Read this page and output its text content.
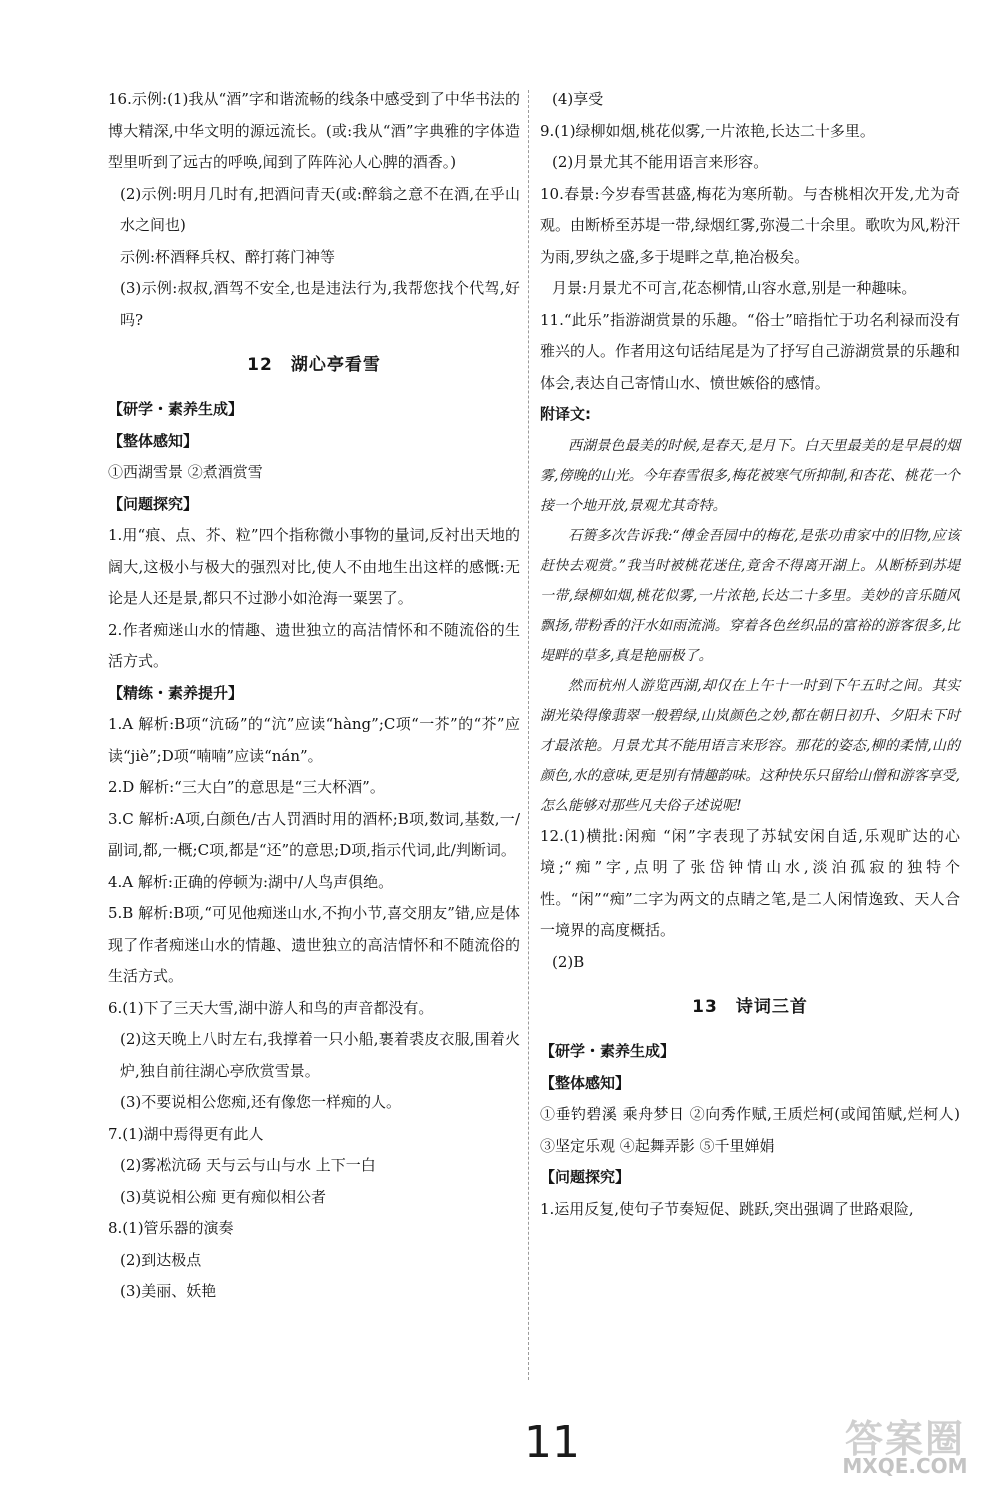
16.示例:(1)我从“酒”字和谐流畅的线条中感受到了中华书法的博大精深,中华文明的源远流长。(或:我从“酒”字典雅的字体造型里听到了远古的呼唤,闻到了阵阵沁人心脾的酒香。)
(2)示例:明月几时有,把酒问青天(或:醉翁之意不在酒,在乎山水之间也)
示例:杯酒释兵权、醉打蒋门神等
(3)示例:叔叔,酒驾不安全,也是违法行为,我帮您找个代驾,好吗?
12 湖心亭看雪
【研学・素养生成】
【整体感知】
①西湖雪景 ②煮酒赏雪
【问题探究】
1.用“痕、点、芥、粒”四个指称微小事物的量词,反衬出天地的阔大,这极小与极大的强烈对比,使人不由地生出这样的感慨:无论是人还是景,都只不过渺小如沧海一粟罢了。
2.作者痴迷山水的情趣、遗世独立的高洁情怀和不随流俗的生活方式。
【精练・素养提升】
1.A 解析:B项“沆砀”的“沆”应读“hàng”;C项“一芥”的“芥”应读“jiè”;D项“喃喃”应读“nán”。
2.D 解析:“三大白”的意思是“三大杯酒”。
3.C 解析:A项,白颜色/古人罚酒时用的酒杯;B项,数词,基数,一/副词,都,一概;C项,都是“还”的意思;D项,指示代词,此/判断词。
4.A 解析:正确的停顿为:湖中/人鸟声俱绝。
5.B 解析:B项,“可见他痴迷山水,不拘小节,喜交朋友”错,应是体现了作者痴迷山水的情趣、遗世独立的高洁情怀和不随流俗的生活方式。
6.(1)下了三天大雪,湖中游人和鸟的声音都没有。
(2)这天晚上八时左右,我撑着一只小船,裹着裘皮衣服,围着火炉,独自前往湖心亭欣赏雪景。
(3)不要说相公您痴,还有像您一样痴的人。
7.(1)湖中焉得更有此人
(2)雾凇沆砀 天与云与山与水 上下一白
(3)莫说相公痴 更有痴似相公者
8.(1)管乐器的演奏
(2)到达极点
(3)美丽、妖艳
(4)享受
9.(1)绿柳如烟,桃花似雾,一片浓艳,长达二十多里。
(2)月景尤其不能用语言来形容。
10.春景:今岁春雪甚盛,梅花为寒所勒。与杏桃相次开发,尤为奇观。由断桥至苏堤一带,绿烟红雾,弥漫二十余里。歌吹为风,粉汗为雨,罗纨之盛,多于堤畔之草,艳冶极矣。
月景:月景尤不可言,花态柳情,山容水意,别是一种趣味。
11.“此乐”指游湖赏景的乐趣。“俗士”暗指忙于功名利禄而没有雅兴的人。作者用这句话结尾是为了抒写自己游湖赏景的乐趣和体会,表达自己寄情山水、愤世嫉俗的感情。
附译文:
西湖景色最美的时候,是春天,是月下。白天里最美的是早晨的烟雾,傍晚的山光。今年春雪很多,梅花被寒气所抑制,和杏花、桃花一个接一个地开放,景观尤其奇特。
石篑多次告诉我:“傅金吾园中的梅花,是张功甫家中的旧物,应该赶快去观赏。”我当时被桃花迷住,竟舍不得离开湖上。从断桥到苏堤一带,绿柳如烟,桃花似雾,一片浓艳,长达二十多里。美妙的音乐随风飘扬,带粉香的汗水如雨流淌。穿着各色丝织品的富裕的游客很多,比堤畔的草多,真是艳丽极了。
然而杭州人游览西湖,却仅在上午十一时到下午五时之间。其实湖光染得像翡翠一般碧绿,山岚颜色之妙,都在朝日初升、夕阳未下时才最浓艳。月景尤其不能用语言来形容。那花的姿态,柳的柔情,山的颜色,水的意味,更是别有情趣韵味。这种快乐只留给山僧和游客享受,怎么能够对那些凡夫俗子述说呢!
12.(1)横批:闲痴 “闲”字表现了苏轼安闲自适,乐观旷达的心境;“痴”字,点明了张岱钟情山水,淡泊孤寂的独特个性。“闲”“痴”二字为两文的点睛之笔,是二人闲情逸致、天人合一境界的高度概括。
(2)B
13 诗词三首
【研学・素养生成】
【整体感知】
①垂钓碧溪 乘舟梦日 ②向秀作赋,王质烂柯(或闻笛赋,烂柯人) ③坚定乐观 ④起舞弄影 ⑤千里婵娟
【问题探究】
1.运用反复,使句子节奏短促、跳跃,突出强调了世路艰险,
11	答案圈
MXQE.COM
